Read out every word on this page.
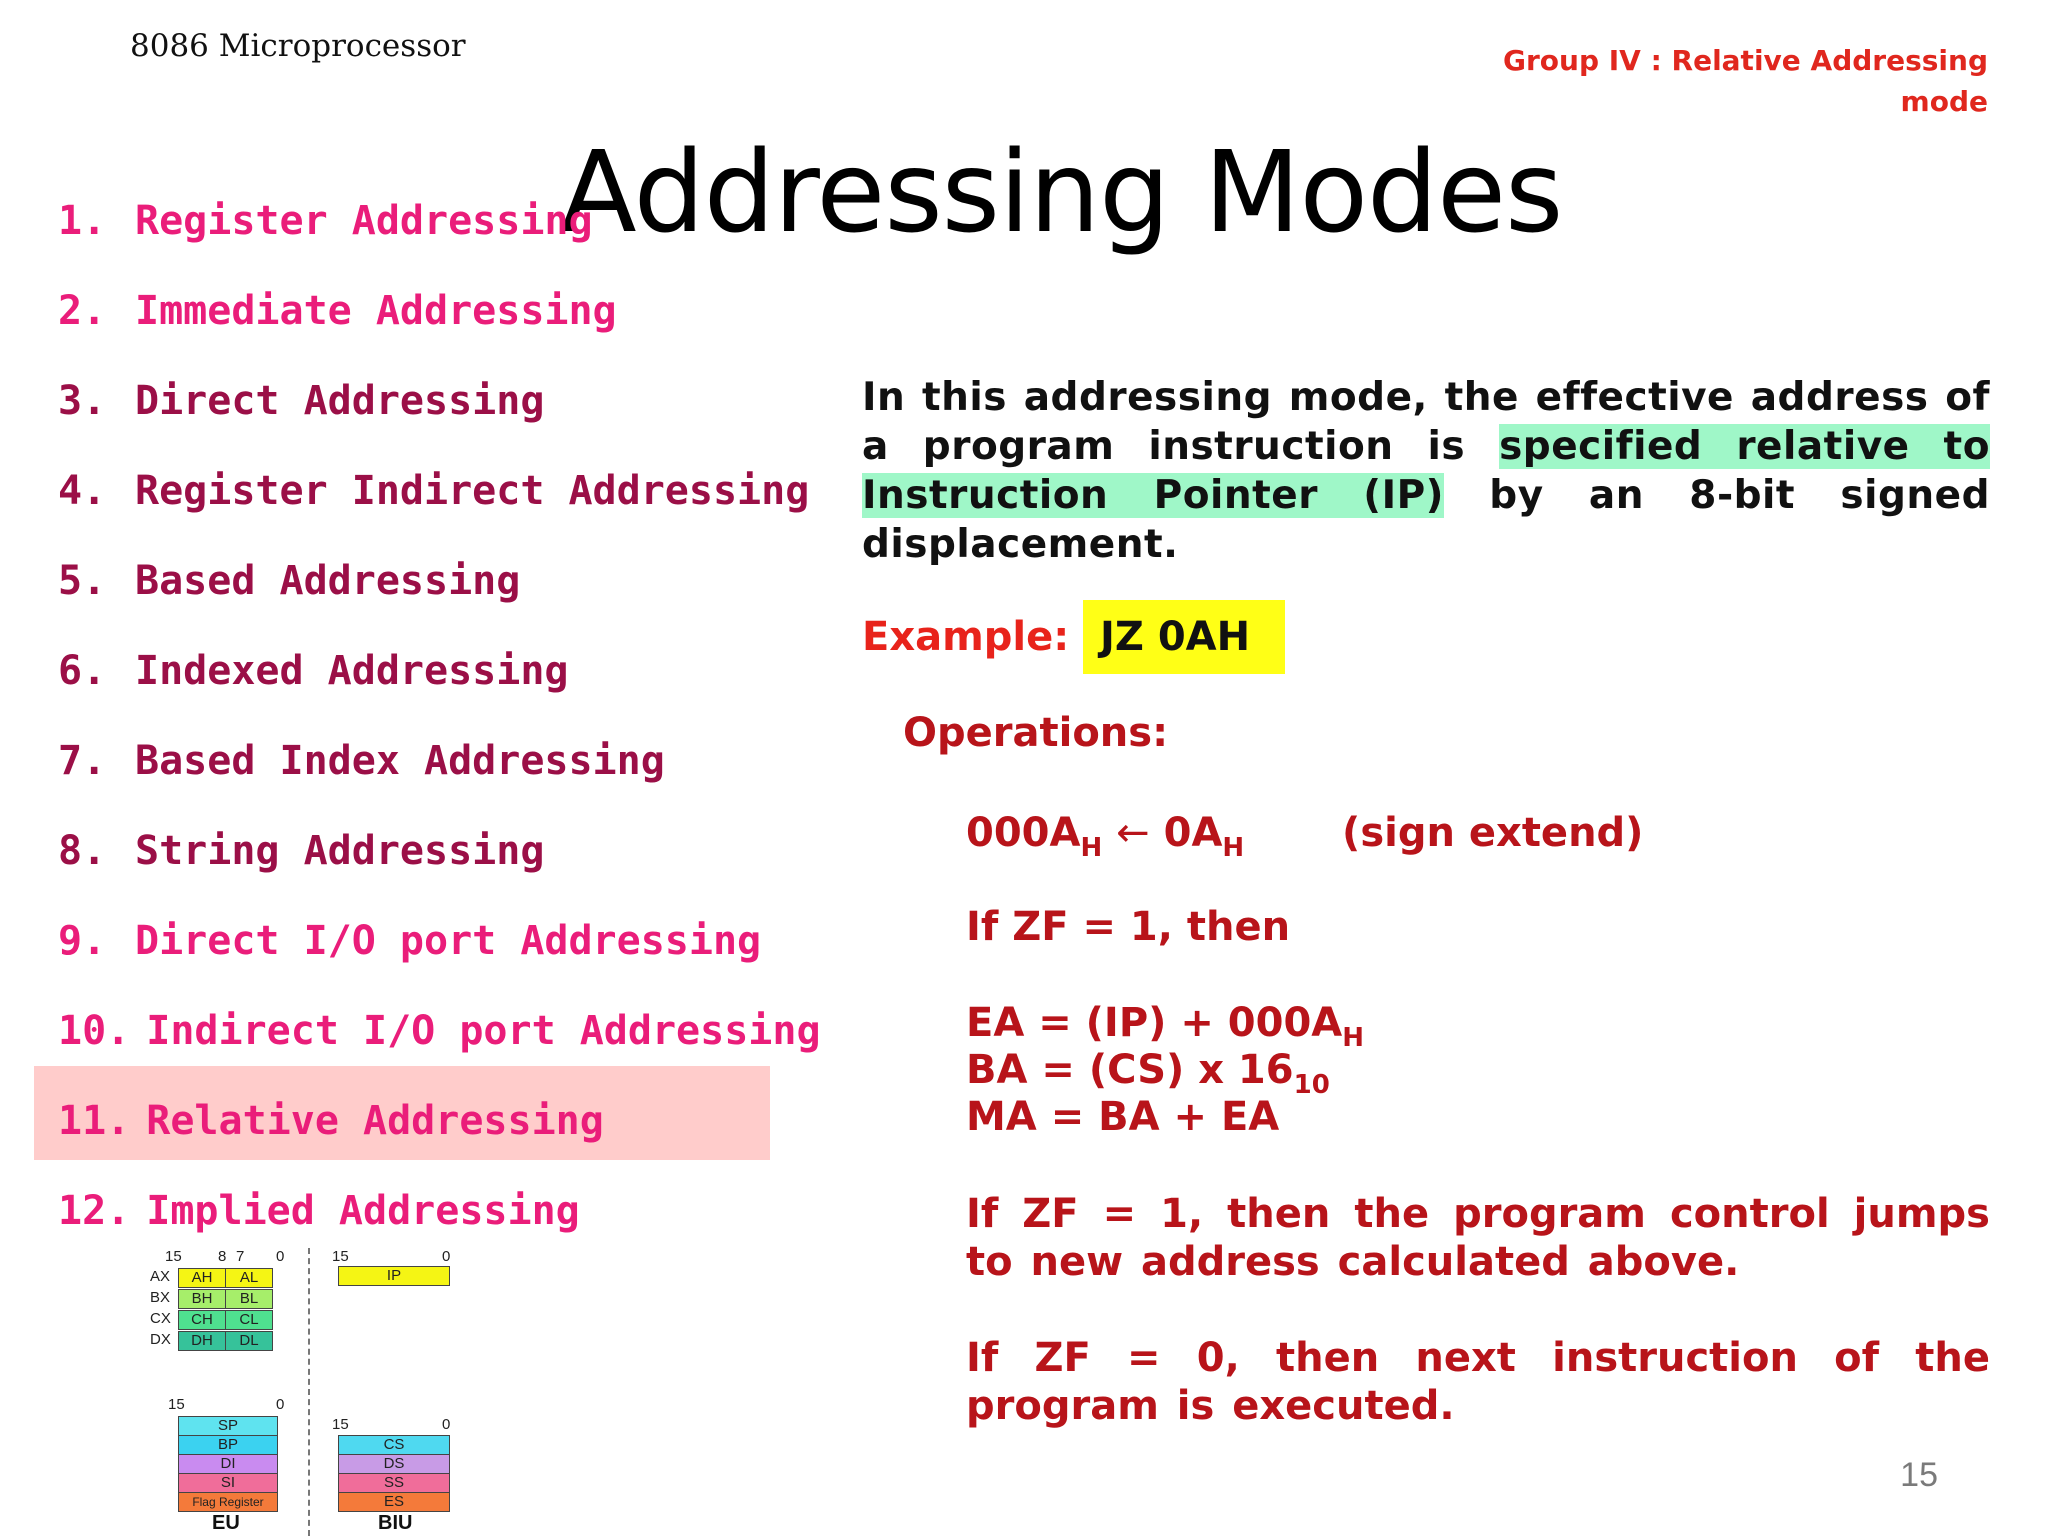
8086 Microprocessor	Group IV : Relative Addressing
mode
Addressing Modes
1. Register Addressing
2. Immediate Addressing
3. Direct Addressing
4. Register Indirect Addressing
5. Based Addressing
6. Indexed Addressing
7. Based Index Addressing
8. String Addressing
9. Direct I/O port Addressing
10. Indirect I/O port Addressing
11. Relative Addressing
12. Implied Addressing
In this addressing mode, the effective address of a program instruction is specified relative to Instruction Pointer (IP) by an 8-bit signed displacement.
Example: JZ 0AH
Operations:
$000A_H$ ← $0A_H$ (sign extend)
If ZF = 1, then
EA = $(IP) + 000A_H$
BA = (CS) x $16_{10}$
MA = BA + EA
If ZF = 1, then the program control jumps to new address calculated above.
If ZF = 0, then next instruction of the program is executed.
15 8 7 0
AX	AH	AL
BX	BH	BL
CX	CH	CL
DX	DH	DL
15	0
IP
15	0
SP
BP
DI
SI
Flag Register
15	0
CS
DS
SS
ES
EU	BIU
15
